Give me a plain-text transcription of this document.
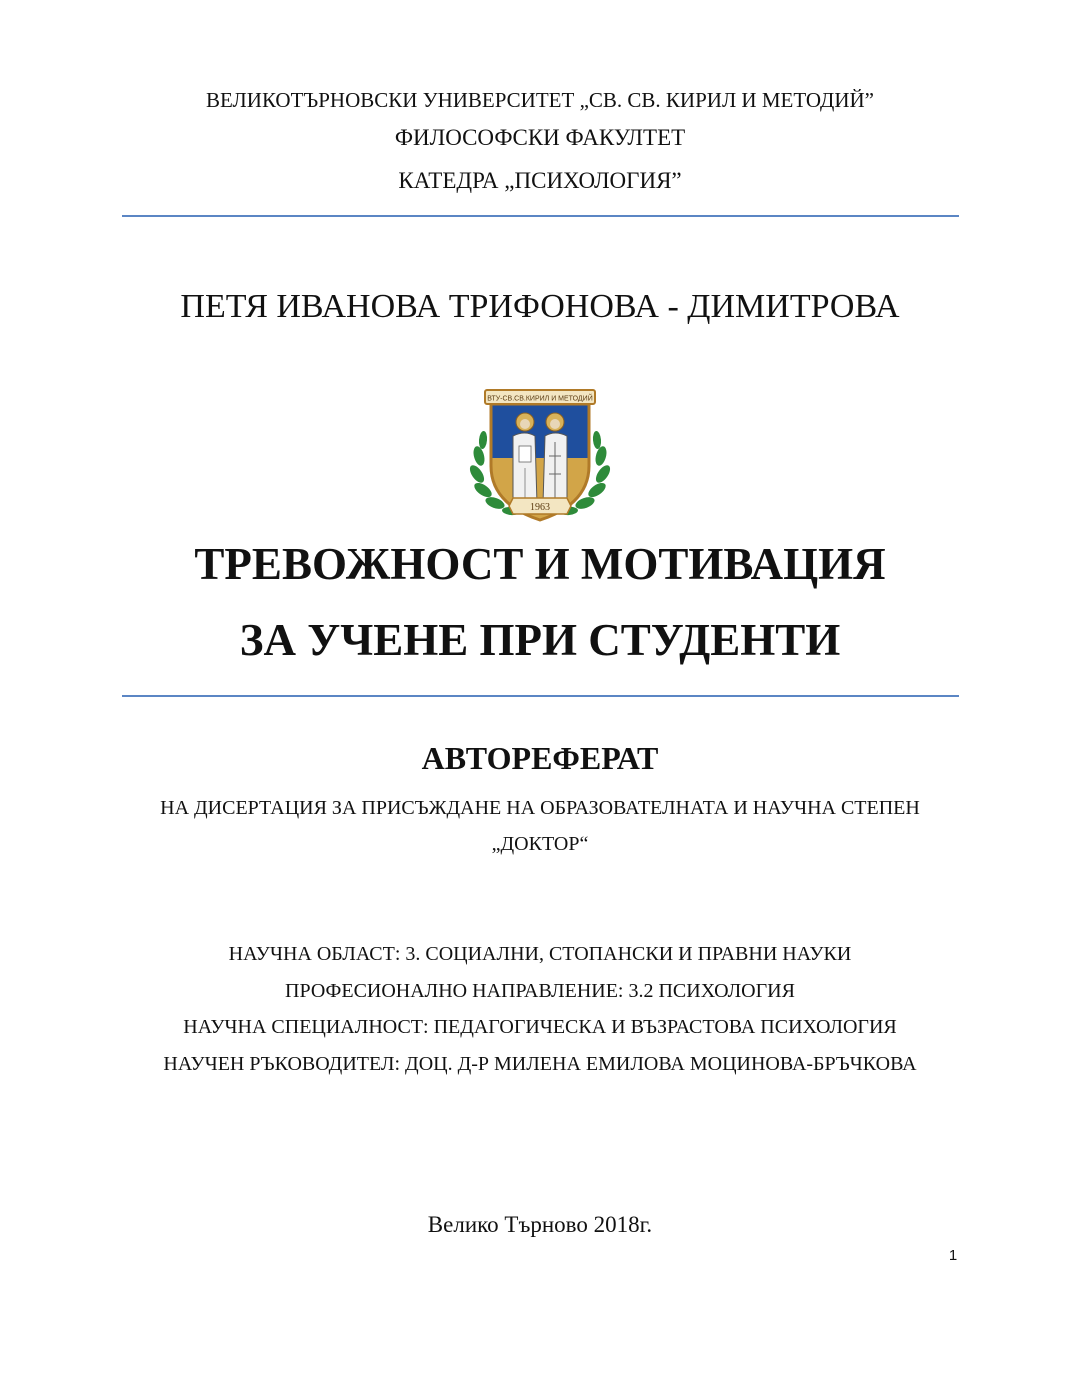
ВЕЛИКОТЪРНОВСКИ УНИВЕРСИТЕТ „СВ. СВ. КИРИЛ И МЕТОДИЙ”
ФИЛОСОФСКИ ФАКУЛТЕТ
КАТЕДРА „ПСИХОЛОГИЯ”
ПЕТЯ ИВАНОВА ТРИФОНОВА - ДИМИТРОВА
ВТУ-СВ.СВ.КИРИЛ И МЕТОДИЙ
1963
ТРЕВОЖНОСТ И МОТИВАЦИЯ
ЗА УЧЕНЕ ПРИ СТУДЕНТИ
АВТОРЕФЕРАТ
НА ДИСЕРТАЦИЯ ЗА ПРИСЪЖДАНЕ НА ОБРАЗОВАТЕЛНАТА И НАУЧНА СТЕПЕН
„ДОКТОР“
НАУЧНА ОБЛАСТ: 3. СОЦИАЛНИ, СТОПАНСКИ И ПРАВНИ НАУКИ
ПРОФЕСИОНАЛНО НАПРАВЛЕНИЕ: 3.2 ПСИХОЛОГИЯ
НАУЧНА СПЕЦИАЛНОСТ: ПЕДАГОГИЧЕСКА И ВЪЗРАСТОВА ПСИХОЛОГИЯ
НАУЧЕН РЪКОВОДИТЕЛ: ДОЦ. Д-Р МИЛЕНА ЕМИЛОВА МОЦИНОВА-БРЪЧКОВА
Велико Търново 2018г.
1
